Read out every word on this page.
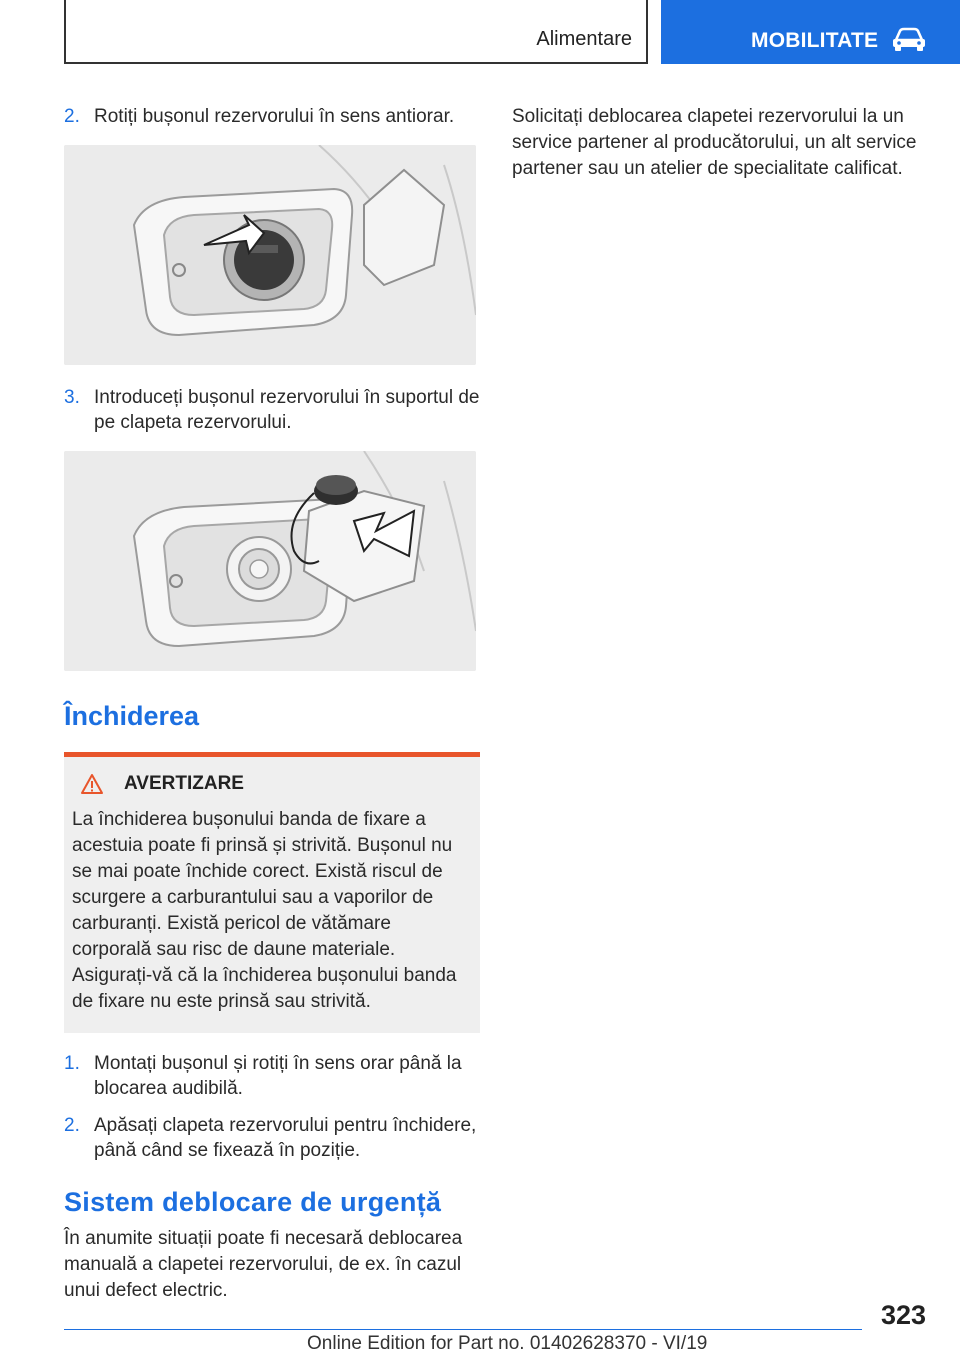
Alimentare	MOBILITATE
2. Rotiți bușonul rezervorului în sens antiorar.
3. Introduceți bușonul rezervorului în suportul de pe clapeta rezervorului.
Închiderea
AVERTIZARE
La închiderea bușonului banda de fixare a acestuia poate fi prinsă și strivită. Bușonul nu se mai poate închide corect. Există riscul de scurgere a carburantului sau a vaporilor de carburanți. Există pericol de vătămare corporală sau risc de daune materiale. Asigurați-vă că la închiderea bușonului banda de fixare nu este prinsă sau strivită.
1. Montați bușonul și rotiți în sens orar până la blocarea audibilă.
2. Apăsați clapeta rezervorului pentru închidere, până când se fixează în poziție.
Sistem deblocare de urgență
În anumite situații poate fi necesară deblocarea manuală a clapetei rezervorului, de ex. în cazul unui defect electric.
Solicitați deblocarea clapetei rezervorului la un service partener al producătorului, un alt service partener sau un atelier de specialitate calificat.
323
Online Edition for Part no. 01402628370 - VI/19
